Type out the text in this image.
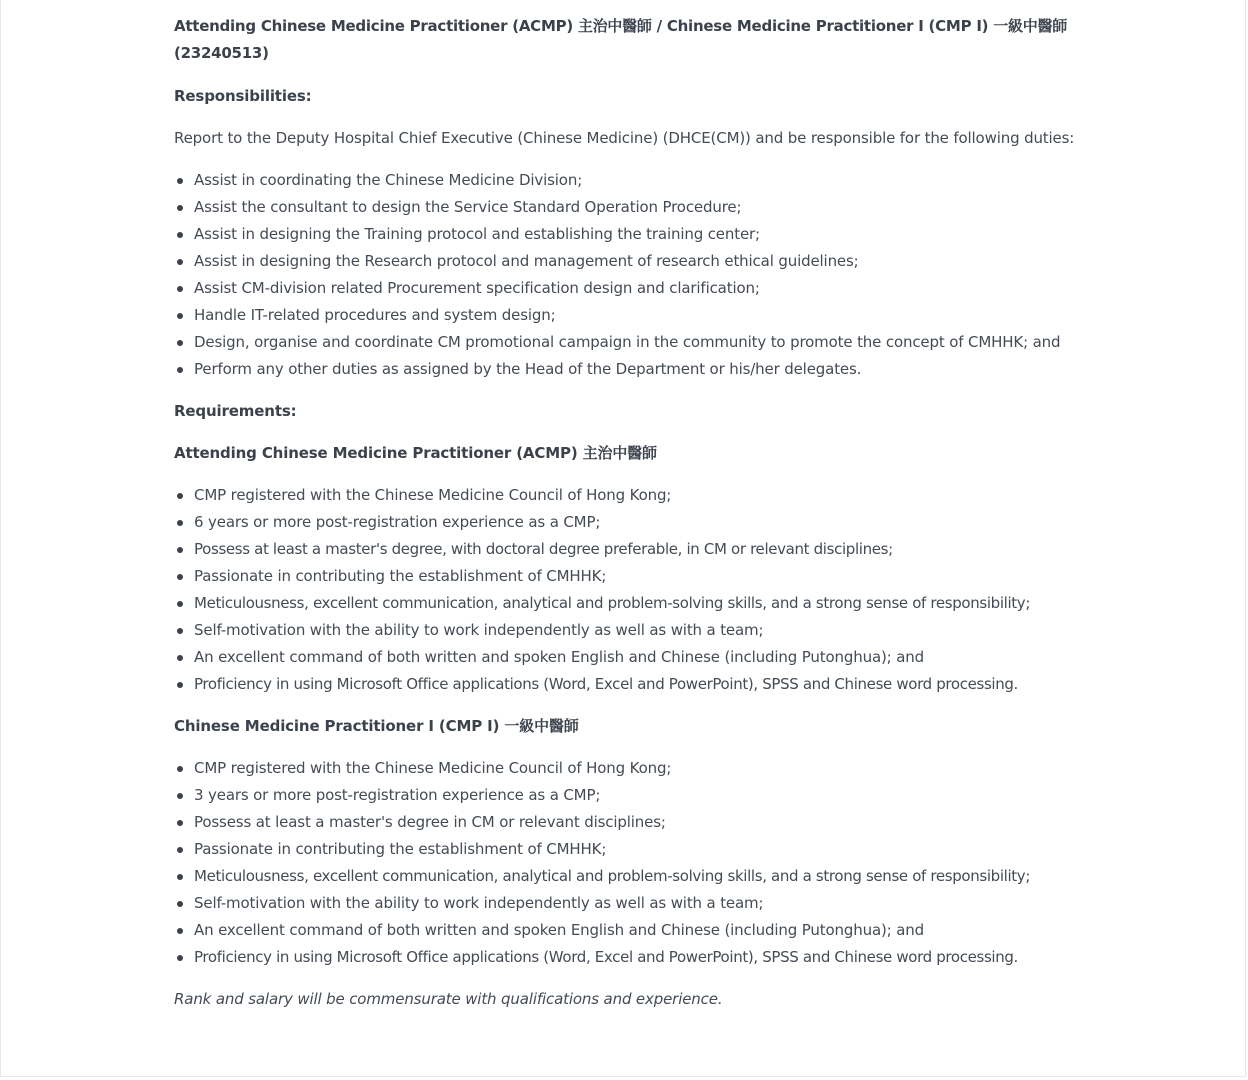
Attending Chinese Medicine Practitioner (ACMP) 主治中醫師 / Chinese Medicine Practitioner I (CMP I) 一級中醫師 (23240513)
Responsibilities:

Report to the Deputy Hospital Chief Executive (Chinese Medicine) (DHCE(CM)) and be responsible for the following duties:

Assist in coordinating the Chinese Medicine Division;
Assist the consultant to design the Service Standard Operation Procedure;
Assist in designing the Training protocol and establishing the training center;
Assist in designing the Research protocol and management of research ethical guidelines;
Assist CM-division related Procurement specification design and clarification;
Handle IT-related procedures and system design;
Design, organise and coordinate CM promotional campaign in the community to promote the concept of CMHHK; and
Perform any other duties as assigned by the Head of the Department or his/her delegates.
Requirements:
Attending Chinese Medicine Practitioner (ACMP) 主治中醫師
CMP registered with the Chinese Medicine Council of Hong Kong;
6 years or more post-registration experience as a CMP;
Possess at least a master's degree, with doctoral degree preferable, in CM or relevant disciplines;
Passionate in contributing the establishment of CMHHK;
Meticulousness, excellent communication, analytical and problem-solving skills, and a strong sense of responsibility;
Self-motivation with the ability to work independently as well as with a team;
An excellent command of both written and spoken English and Chinese (including Putonghua); and
Proficiency in using Microsoft Office applications (Word, Excel and PowerPoint), SPSS and Chinese word processing.
Chinese Medicine Practitioner I (CMP I) 一級中醫師
CMP registered with the Chinese Medicine Council of Hong Kong;
3 years or more post-registration experience as a CMP;
Possess at least a master's degree in CM or relevant disciplines;
Passionate in contributing the establishment of CMHHK;
Meticulousness, excellent communication, analytical and problem-solving skills, and a strong sense of responsibility;
Self-motivation with the ability to work independently as well as with a team;
An excellent command of both written and spoken English and Chinese (including Putonghua); and
Proficiency in using Microsoft Office applications (Word, Excel and PowerPoint), SPSS and Chinese word processing.

Rank and salary will be commensurate with qualifications and experience.
